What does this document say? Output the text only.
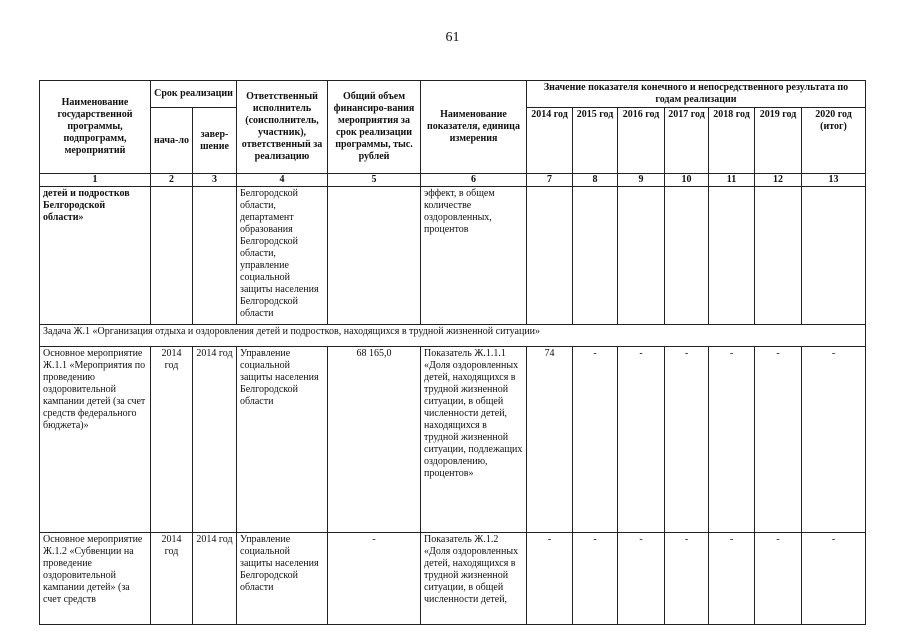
61
Наименование государственной программы, подпрограмм, мероприятий	Срок реализации		Ответственный исполнитель (соисполнитель, участник), ответственный за реализацию	Общий объем финансиро-вания мероприятия за срок реализации программы, тыс. рублей	Наименование показателя, единица измерения	Значение показателя конечного и непосредственного результата по годам реализации						
	нача-ло	завер-шение				2014 год	2015 год	2016 год	2017 год	2018 год	2019 год	2020 год (итог)
1	2	3	4	5	6	7	8	9	10	11	12	13
детей и подростков Белгородской области»			Белгородской области, департамент образования Белгородской области, управление социальной защиты населения Белгородской области		эффект, в общем количестве оздоровленных, процентов							
Задача Ж.1 «Организация отдыха и оздоровления детей и подростков, находящихся в трудной жизненной ситуации»												
Основное мероприятие Ж.1.1 «Мероприятия по проведению оздоровительной кампании детей (за счет средств федерального бюджета)»	2014 год	2014 год	Управление социальной защиты населения Белгородской области	68 165,0	Показатель Ж.1.1.1 «Доля оздоровленных детей, находящихся в трудной жизненной ситуации, в общей численности детей, находящихся в трудной жизненной ситуации, подлежащих оздоровлению, процентов»	74	-	-	-	-	-	-
Основное мероприятие Ж.1.2 «Субвенции на проведение оздоровительной кампании детей» (за счет средств	2014 год	2014 год	Управление социальной защиты населения Белгородской области	-	Показатель Ж.1.2 «Доля оздоровленных детей, находящихся в трудной жизненной ситуации, в общей численности детей,	-	-	-	-	-	-	-
